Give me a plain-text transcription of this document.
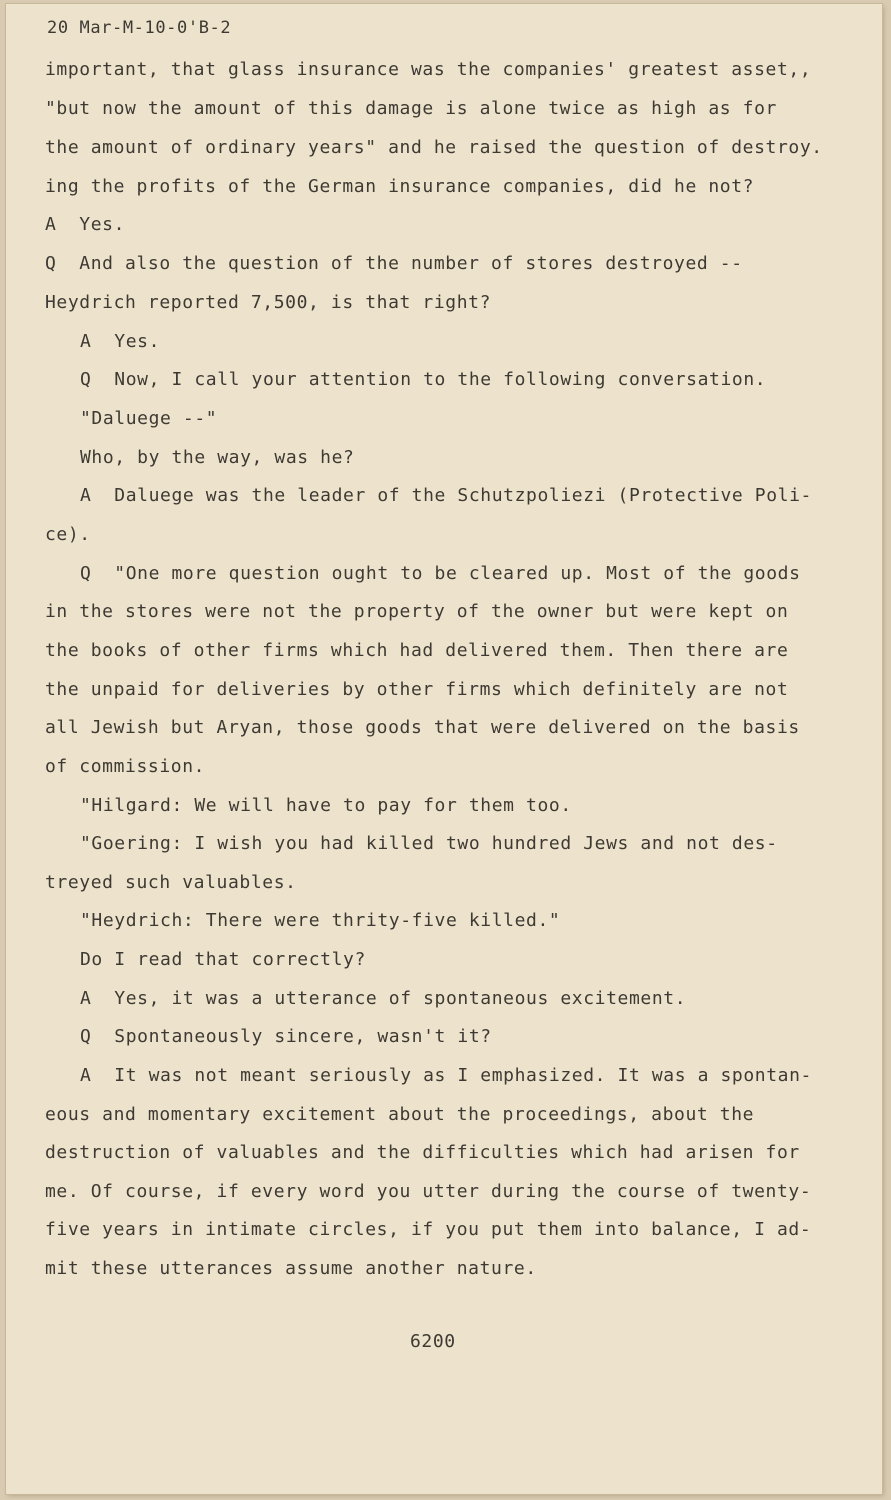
20 Mar-M-10-0'B-2

important, that glass insurance was the companies' greatest asset,,

"but now the amount of this damage is alone twice as high as for

the amount of ordinary years" and he raised the question of destroy.

ing the profits of the German insurance companies, did he not?

A  Yes.

Q  And also the question of the number of stores destroyed --

Heydrich reported 7,500, is that right?

A  Yes.

Q  Now, I call your attention to the following conversation.

"Daluege --"

Who, by the way, was he?

A  Daluege was the leader of the Schutzpoliezi (Protective Poli-

ce).

Q  "One more question ought to be cleared up. Most of the goods

in the stores were not the property of the owner but were kept on

the books of other firms which had delivered them. Then there are

the unpaid for deliveries by other firms which definitely are not

all Jewish but Aryan, those goods that were delivered on the basis

of commission.

"Hilgard: We will have to pay for them too.

"Goering: I wish you had killed two hundred Jews and not des-

treyed such valuables.

"Heydrich: There were thrity-five killed."

Do I read that correctly?

A  Yes, it was a utterance of spontaneous excitement.

Q  Spontaneously sincere, wasn't it?

A  It was not meant seriously as I emphasized. It was a spontan-

eous and momentary excitement about the proceedings, about the

destruction of valuables and the difficulties which had arisen for

me. Of course, if every word you utter during the course of twenty-

five years in intimate circles, if you put them into balance, I ad-

mit these utterances assume another nature.

6200
